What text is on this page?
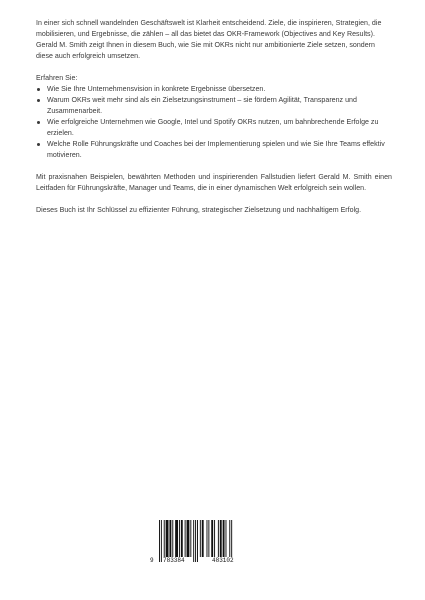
In einer sich schnell wandelnden Geschäftswelt ist Klarheit entscheidend. Ziele, die inspirieren, Strategien, die mobilisieren, und Ergebnisse, die zählen – all das bietet das OKR-Framework (Objectives and Key Results). Gerald M. Smith zeigt Ihnen in diesem Buch, wie Sie mit OKRs nicht nur ambitionierte Ziele setzen, sondern diese auch erfolgreich umsetzen.

Erfahren Sie:

Wie Sie Ihre Unternehmensvision in konkrete Ergebnisse übersetzen.
Warum OKRs weit mehr sind als ein Zielsetzungsinstrument – sie fördern Agilität, Transparenz und Zusammenarbeit.
Wie erfolgreiche Unternehmen wie Google, Intel und Spotify OKRs nutzen, um bahnbrechende Erfolge zu erzielen.
Welche Rolle Führungskräfte und Coaches bei der Implementierung spielen und wie Sie Ihre Teams effektiv motivieren.

Mit praxisnahen Beispielen, bewährten Methoden und inspirierenden Fallstudien liefert Gerald M. Smith einen Leitfaden für Führungskräfte, Manager und Teams, die in einer dynamischen Welt erfolgreich sein wollen.

Dieses Buch ist Ihr Schlüssel zu effizienter Führung, strategischer Zielsetzung und nachhaltigem Erfolg.

9 783384	483102
